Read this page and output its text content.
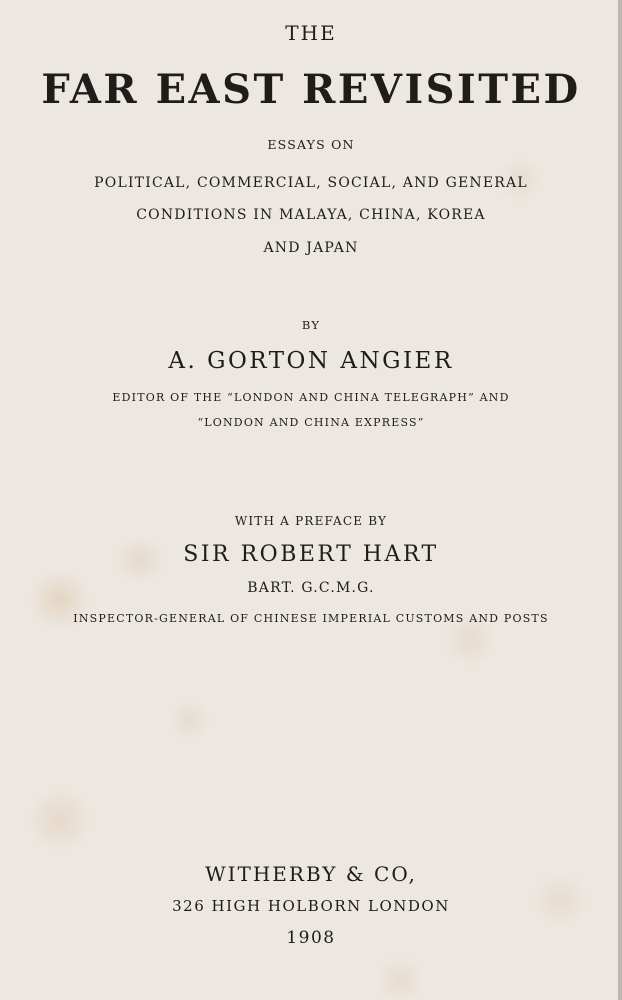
THE
FAR EAST REVISITED
ESSAYS ON
POLITICAL, COMMERCIAL, SOCIAL, AND GENERAL
CONDITIONS IN MALAYA, CHINA, KOREA
AND JAPAN
BY
A. GORTON ANGIER
EDITOR OF THE “LONDON AND CHINA TELEGRAPH” AND
“LONDON AND CHINA EXPRESS”
WITH A PREFACE BY
SIR ROBERT HART
BART. G.C.M.G.
INSPECTOR-GENERAL OF CHINESE IMPERIAL CUSTOMS AND POSTS
WITHERBY & CO,
326 HIGH HOLBORN LONDON
1908
